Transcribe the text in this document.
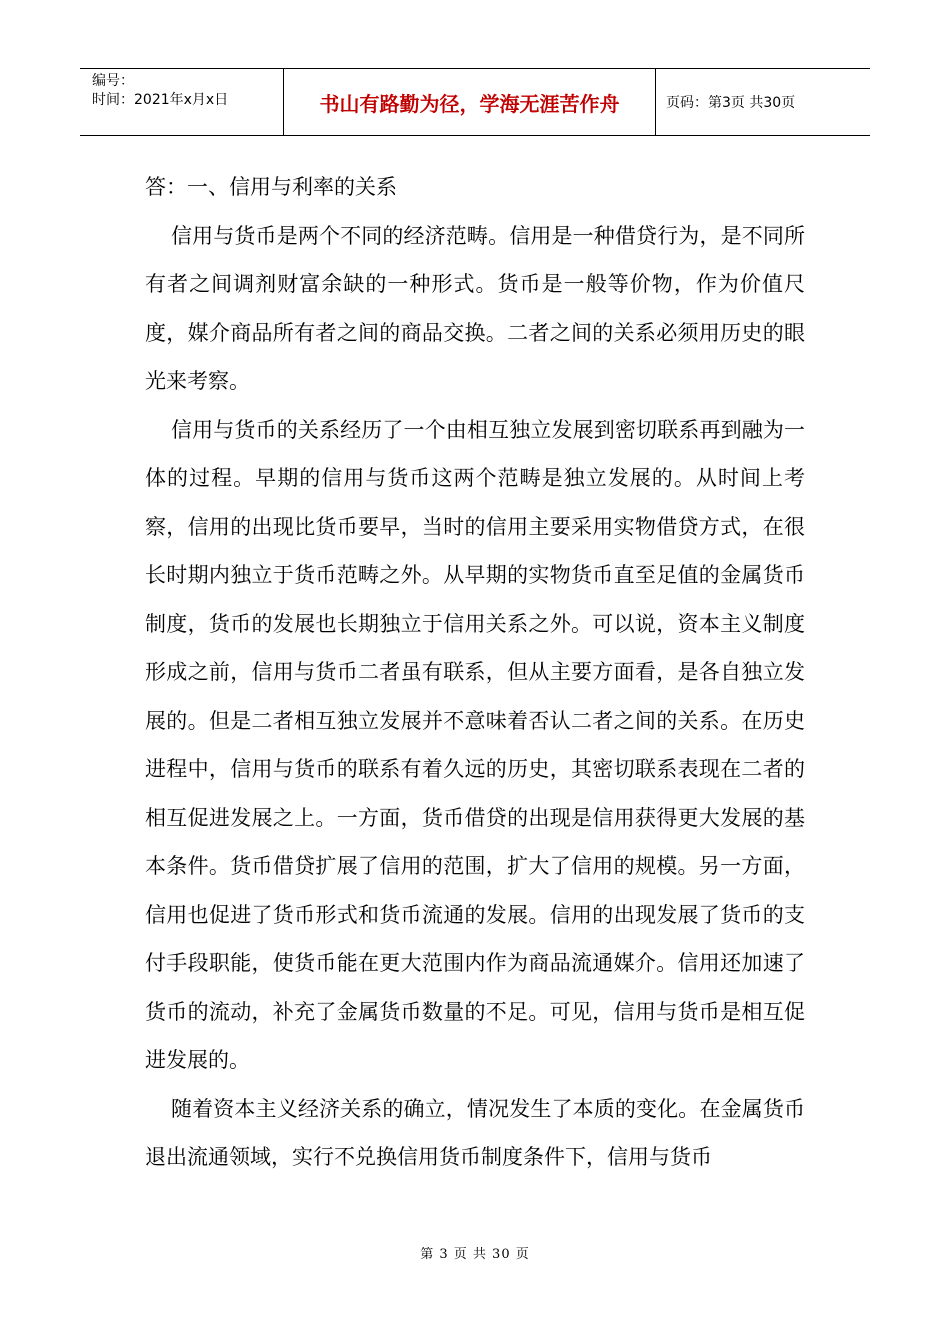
编号：
时间：2021年x月x日	书山有路勤为径，学海无涯苦作舟	页码：第3页 共30页

答：一、信用与利率的关系

信用与货币是两个不同的经济范畴。信用是一种借贷行为，是不同所有者之间调剂财富余缺的一种形式。货币是一般等价物，作为价值尺度，媒介商品所有者之间的商品交换。二者之间的关系必须用历史的眼光来考察。

信用与货币的关系经历了一个由相互独立发展到密切联系再到融为一体的过程。早期的信用与货币这两个范畴是独立发展的。从时间上考察，信用的出现比货币要早，当时的信用主要采用实物借贷方式，在很长时期内独立于货币范畴之外。从早期的实物货币直至足值的金属货币制度，货币的发展也长期独立于信用关系之外。可以说，资本主义制度形成之前，信用与货币二者虽有联系，但从主要方面看，是各自独立发展的。但是二者相互独立发展并不意味着否认二者之间的关系。在历史进程中，信用与货币的联系有着久远的历史，其密切联系表现在二者的相互促进发展之上。一方面，货币借贷的出现是信用获得更大发展的基本条件。货币借贷扩展了信用的范围，扩大了信用的规模。另一方面，信用也促进了货币形式和货币流通的发展。信用的出现发展了货币的支付手段职能，使货币能在更大范围内作为商品流通媒介。信用还加速了货币的流动，补充了金属货币数量的不足。可见，信用与货币是相互促进发展的。

随着资本主义经济关系的确立，情况发生了本质的变化。在金属货币退出流通领域，实行不兑换信用货币制度条件下，信用与货币

第 3 页 共 30 页
